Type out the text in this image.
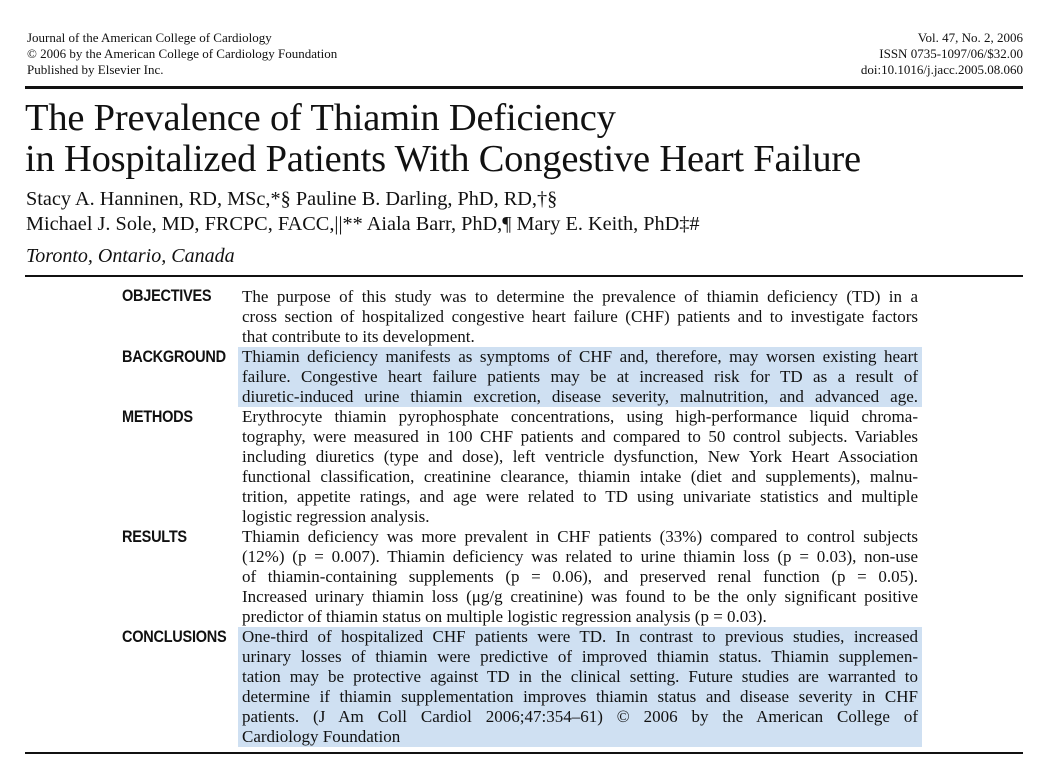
Journal of the American College of Cardiology
© 2006 by the American College of Cardiology Foundation
Published by Elsevier Inc.
Vol. 47, No. 2, 2006
ISSN 0735-1097/06/$32.00
doi:10.1016/j.jacc.2005.08.060
The Prevalence of Thiamin Deficiency
in Hospitalized Patients With Congestive Heart Failure
Stacy A. Hanninen, RD, MSc,*§ Pauline B. Darling, PhD, RD,†§
Michael J. Sole, MD, FRCPC, FACC,||** Aiala Barr, PhD,¶ Mary E. Keith, PhD‡#
Toronto, Ontario, Canada
OBJECTIVES The purpose of this study was to determine the prevalence of thiamin deficiency (TD) in a
cross section of hospitalized congestive heart failure (CHF) patients and to investigate factors
that contribute to its development.
BACKGROUND Thiamin deficiency manifests as symptoms of CHF and, therefore, may worsen existing heart
failure. Congestive heart failure patients may be at increased risk for TD as a result of
diuretic-induced urine thiamin excretion, disease severity, malnutrition, and advanced age.
METHODS	Erythrocyte thiamin pyrophosphate concentrations, using high-performance liquid chroma-
tography, were measured in 100 CHF patients and compared to 50 control subjects. Variables
including diuretics (type and dose), left ventricle dysfunction, New York Heart Association
functional classification, creatinine clearance, thiamin intake (diet and supplements), malnu-
trition, appetite ratings, and age were related to TD using univariate statistics and multiple
logistic regression analysis.
RESULTS	Thiamin deficiency was more prevalent in CHF patients (33%) compared to control subjects
(12%) (p = 0.007). Thiamin deficiency was related to urine thiamin loss (p = 0.03), non-use
of thiamin-containing supplements (p = 0.06), and preserved renal function (p = 0.05).
Increased urinary thiamin loss (μg/g creatinine) was found to be the only significant positive
predictor of thiamin status on multiple logistic regression analysis (p = 0.03).
CONCLUSIONS One-third of hospitalized CHF patients were TD. In contrast to previous studies, increased
urinary losses of thiamin were predictive of improved thiamin status. Thiamin supplemen-
tation may be protective against TD in the clinical setting. Future studies are warranted to
determine if thiamin supplementation improves thiamin status and disease severity in CHF
patients. (J Am Coll Cardiol 2006;47:354–61) © 2006 by the American College of
Cardiology Foundation
